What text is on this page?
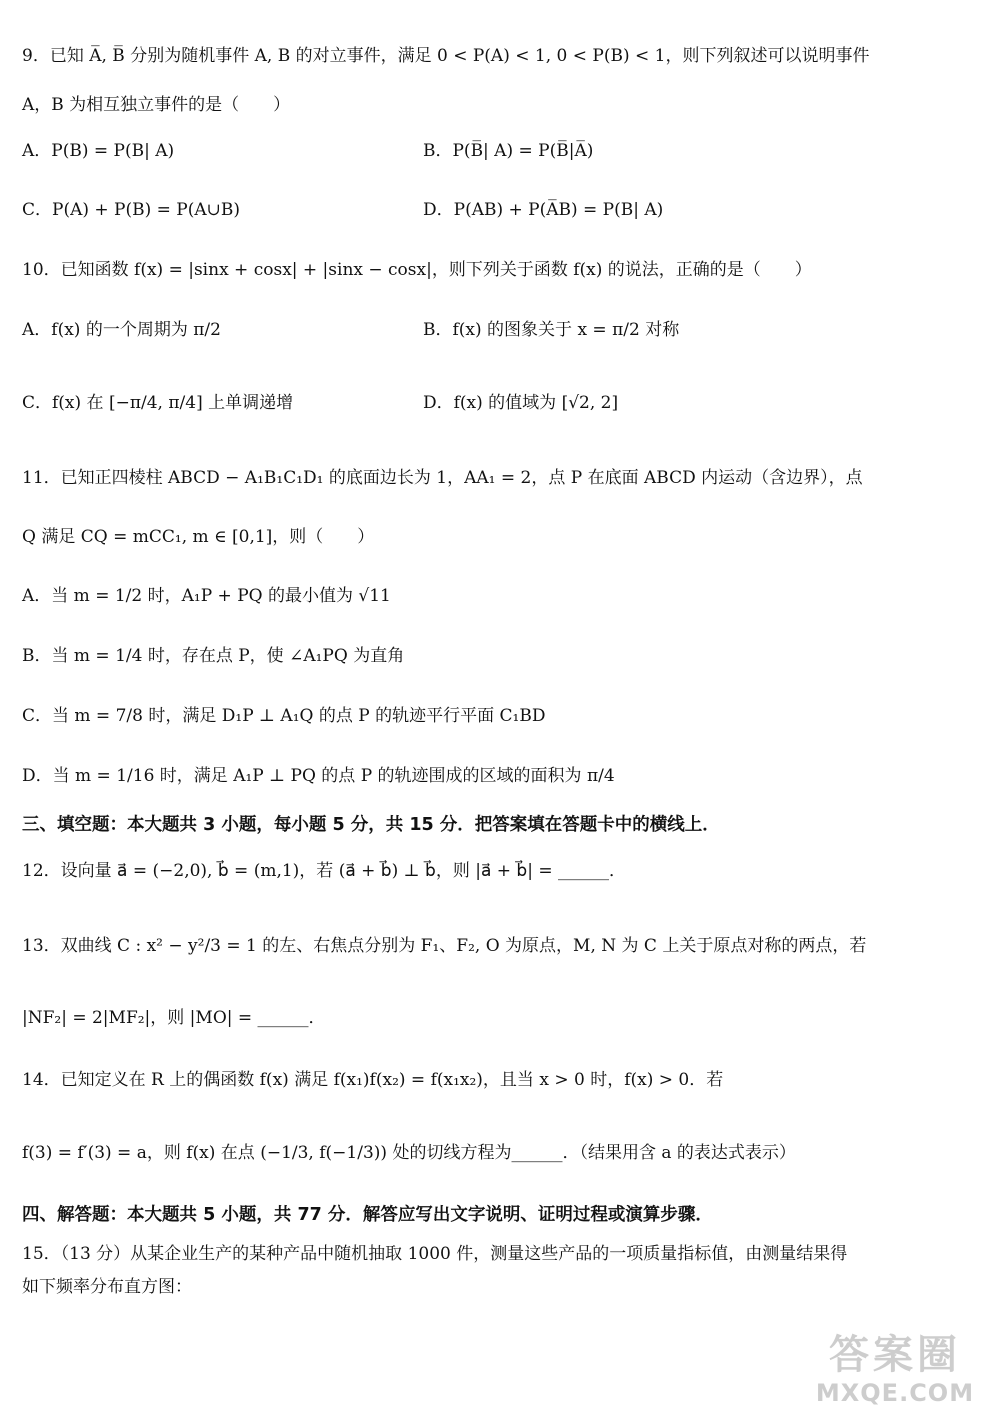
9．已知 A̅, B̅ 分别为随机事件 A, B 的对立事件，满足 0 < P(A) < 1, 0 < P(B) < 1，则下列叙述可以说明事件
A，B 为相互独立事件的是（　　）
A．P(B) = P(B| A)	B．P(B̅| A) = P(B̅|A̅)
C．P(A) + P(B) = P(A∪B)	D．P(AB) + P(A̅B) = P(B| A)
10．已知函数 f(x) = |sinx + cosx| + |sinx − cosx|，则下列关于函数 f(x) 的说法，正确的是（　　）
A．f(x) 的一个周期为 π/2	B．f(x) 的图象关于 x = π/2 对称
C．f(x) 在 [−π/4, π/4] 上单调递增	D．f(x) 的值域为 [√2, 2]
11．已知正四棱柱 ABCD − A₁B₁C₁D₁ 的底面边长为 1，AA₁ = 2，点 P 在底面 ABCD 内运动（含边界），点
Q 满足 CQ = mCC₁, m ∈ [0,1]，则（　　）
A．当 m = 1/2 时，A₁P + PQ 的最小值为 √11
B．当 m = 1/4 时，存在点 P，使 ∠A₁PQ 为直角
C．当 m = 7/8 时，满足 D₁P ⊥ A₁Q 的点 P 的轨迹平行平面 C₁BD
D．当 m = 1/16 时，满足 A₁P ⊥ PQ 的点 P 的轨迹围成的区域的面积为 π/4
三、填空题：本大题共 3 小题，每小题 5 分，共 15 分．把答案填在答题卡中的横线上．
12．设向量 a⃗ = (−2,0), b⃗ = (m,1)，若 (a⃗ + b⃗) ⊥ b⃗，则 |a⃗ + b⃗| = ______．
13．双曲线 C : x² − y²/3 = 1 的左、右焦点分别为 F₁、F₂, O 为原点，M, N 为 C 上关于原点对称的两点，若
|NF₂| = 2|MF₂|，则 |MO| = ______．
14．已知定义在 R 上的偶函数 f(x) 满足 f(x₁)f(x₂) = f(x₁x₂)，且当 x > 0 时，f(x) > 0．若
f(3) = f′(3) = a，则 f(x) 在点 (−1/3, f(−1/3)) 处的切线方程为______．（结果用含 a 的表达式表示）
四、解答题：本大题共 5 小题，共 77 分．解答应写出文字说明、证明过程或演算步骤．
15．（13 分）从某企业生产的某种产品中随机抽取 1000 件，测量这些产品的一项质量指标值，由测量结果得
如下频率分布直方图：
答案圈
MXQE.COM
